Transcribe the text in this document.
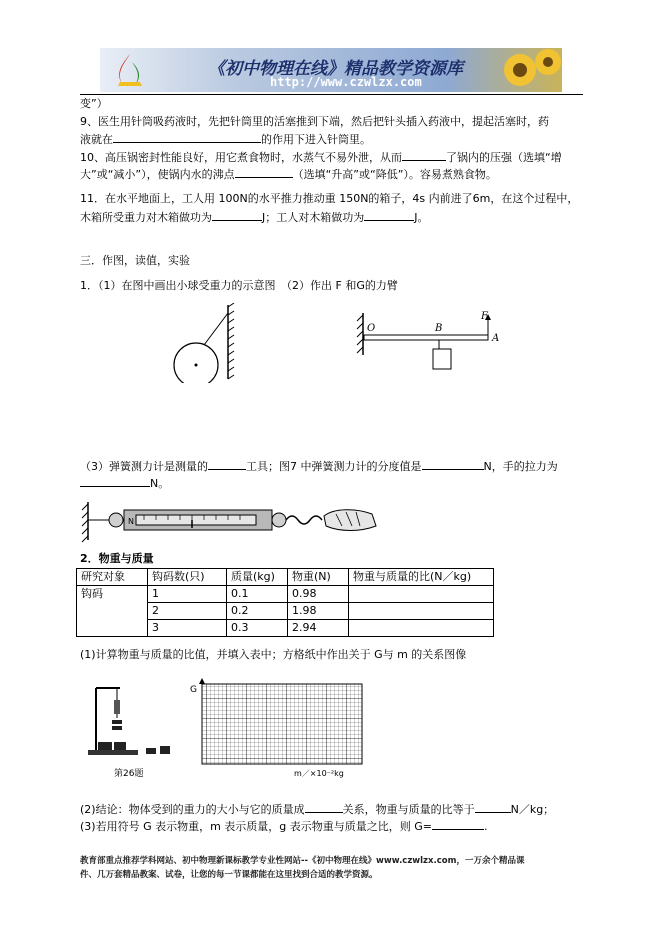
《初中物理在线》精品教学资源库
http://www.czwlzx.com
变”）
9、医生用针筒吸药液时，先把针筒里的活塞推到下端，然后把针头插入药液中，提起活塞时，药
液就在	的作用下进入针筒里。
10、高压锅密封性能良好，用它煮食物时，水蒸气不易外泄，从而	了锅内的压强（选填“增
大”或“减小”），使锅内水的沸点	（选填“升高”或“降低”）。容易煮熟食物。
11．在水平地面上，工人用 100N的水平推力推动重 150N的箱子，4s 内前进了6m，在这个过程中，
木箱所受重力对木箱做功为	J；工人对木箱做功为	J。
三．作图，读值，实验
1．（1）在图中画出小球受重力的示意图　（2）作出 F 和G的力臂
O	B
F
A
（3）弹簧测力计是测量的	工具；图7 中弹簧测力计的分度值是	N，手的拉力为
N。
N
2．物重与质量
研究对象	钩码数(只)	质量(kg)	物重(N)	物重与质量的比(N／kg)
钩码	1	0.1	0.98	
	2	0.2	1.98	
	3	0.3	2.94	
(1)计算物重与质量的比值，并填入表中；方格纸中作出关于 G与 m 的关系图像
第26题
G
m／×10⁻²kg
(2)结论：物体受到的重力的大小与它的质量成	关系，物重与质量的比等于	N／kg；
(3)若用符号 G 表示物重，m 表示质量，g 表示物重与质量之比，则 G=	.
教育部重点推荐学科网站、初中物理新课标教学专业性网站--《初中物理在线》www.czwlzx.com，一万余个精品课
件、几万套精品教案、试卷，让您的每一节课都能在这里找到合适的教学资源。
